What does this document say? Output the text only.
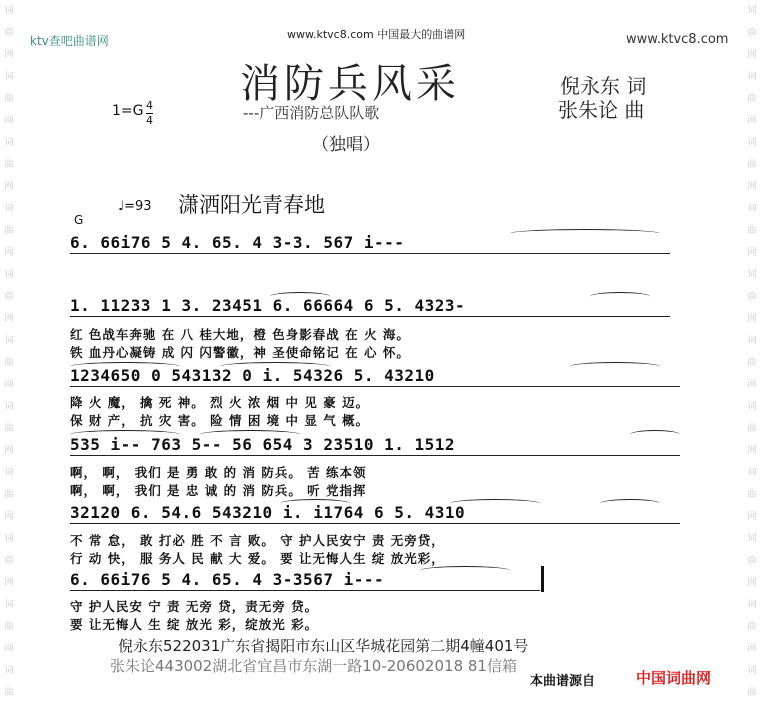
词
曲
网
词
曲
网
词
曲
网
词
曲
网
词
曲
网
词
曲
网
词
曲
网
词
曲
网
词
曲
网
词
曲
网
词
曲
词
曲
网
词
曲
网
词
曲
网
词
曲
网
词
曲
网
词
曲
网
词
曲
网
词
曲
网
词
曲
网
词
曲
网
词
曲
ktv查吧曲谱网	www.ktvc8.com 中国最大的曲谱网	www.ktvc8.com
消防兵风采
---广西消防总队队歌
（独唱）
倪永东 词
张朱论 曲
1=G 4
4
♩=93 潇洒阳光青春地
G
6. 66i76 5 4. 65. 4 3-3. 567 i---
1. 11233 1 3. 23451 6. 66664 6 5. 4323-
红 色战车奔驰 在 八 桂大地，橙 色身影春战 在 火 海。
铁 血丹心凝铸 成 闪 闪警徽，神 圣使命铭记 在 心 怀。
1234650 0 543132 0 i. 54326 5. 43210
降 火 魔， 擒 死 神。 烈 火 浓 烟 中 见 豪 迈。
保 财 产， 抗 灾 害。 险 情 困 境 中 显 气 概。
535 i-- 763 5-- 56 654 3 23510 1. 1512
啊， 啊， 我们 是 勇 敢 的 消 防兵。 苦 练本领
啊， 啊， 我们 是 忠 诚 的 消 防兵。 听 党指挥
32120 6. 54.6 543210 i. i1764 6 5. 4310
不 常 怠， 敢 打必 胜 不 言 败。 守 护人民安宁 责 无旁贷，
行 动 快， 服 务人 民 献 大 爱。 要 让无悔人生 绽 放光彩，
6. 66i76 5 4. 65. 4 3-3567 i---
守 护人民安 宁 责 无旁 贷，责无旁 贷。
要 让无悔人 生 绽 放光 彩，绽放光 彩。
倪永东522031广东省揭阳市东山区华城花园第二期4幢401号
张朱论443002湖北省宜昌市东湖一路10-20602018 81信箱
本曲谱源自	中国词曲网
